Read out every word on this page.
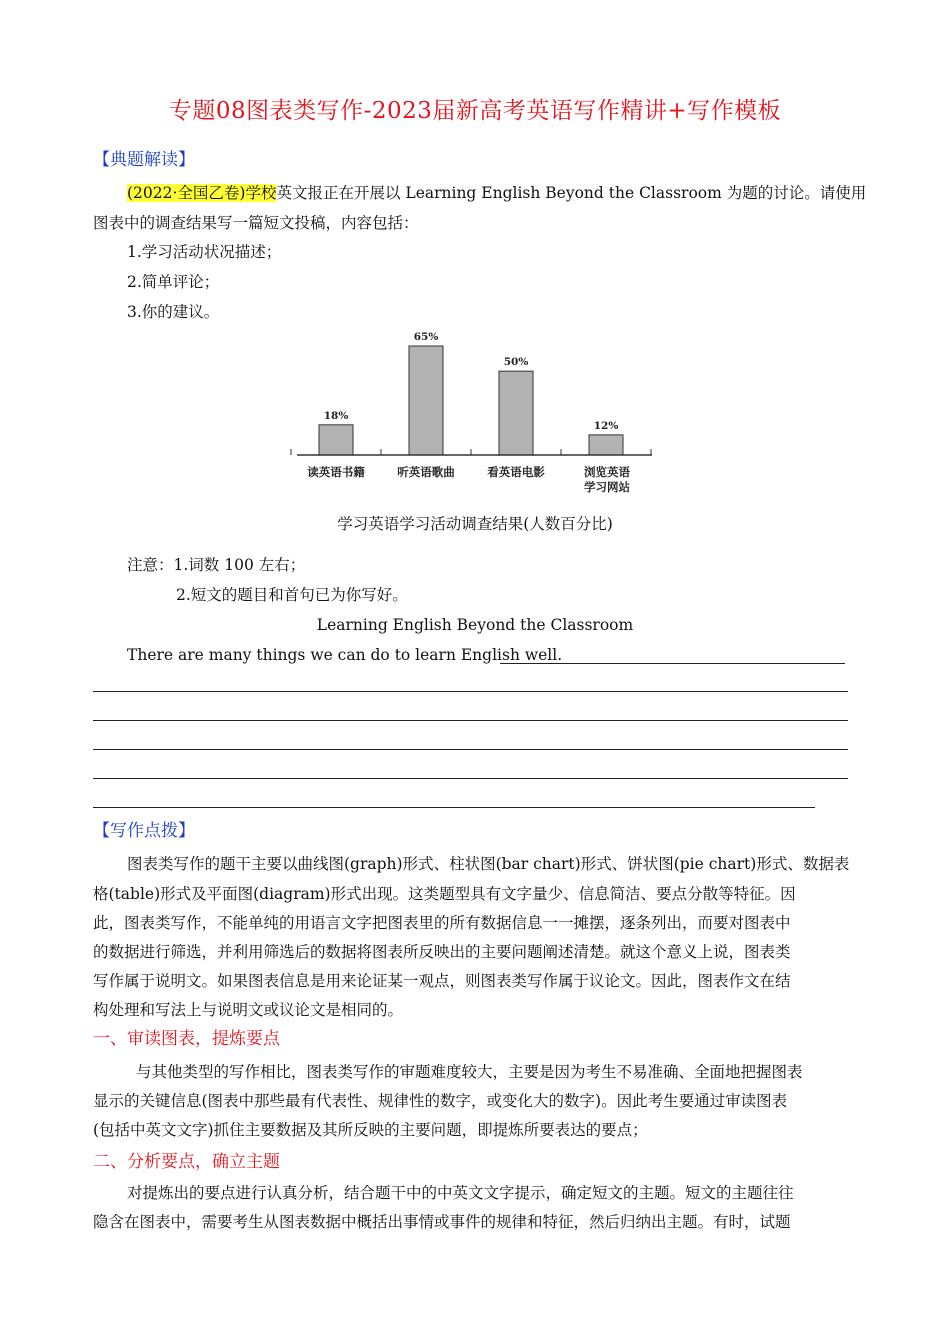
专题08图表类写作-2023届新高考英语写作精讲+写作模板
【典题解读】
(2022·全国乙卷)学校英文报正在开展以 Learning English Beyond the Classroom 为题的讨论。请使用
图表中的调查结果写一篇短文投稿，内容包括：
1.学习活动状况描述；
2.简单评论；
3.你的建议。
18%
读英语书籍
65%
听英语歌曲
50%
看英语电影
12%
浏览英语
学习网站
学习英语学习活动调查结果(人数百分比)
注意：1.词数 100 左右；
2.短文的题目和首句已为你写好。
Learning English Beyond the Classroom
There are many things we can do to learn English well.
【写作点拨】
图表类写作的题干主要以曲线图(graph)形式、柱状图(bar chart)形式、饼状图(pie chart)形式、数据表
格(table)形式及平面图(diagram)形式出现。这类题型具有文字量少、信息简洁、要点分散等特征。因
此，图表类写作，不能单纯的用语言文字把图表里的所有数据信息一一摊摆，逐条列出，而要对图表中
的数据进行筛选，并利用筛选后的数据将图表所反映出的主要问题阐述清楚。就这个意义上说，图表类
写作属于说明文。如果图表信息是用来论证某一观点，则图表类写作属于议论文。因此，图表作文在结
构处理和写法上与说明文或议论文是相同的。
一、审读图表，提炼要点
与其他类型的写作相比，图表类写作的审题难度较大，主要是因为考生不易准确、全面地把握图表
显示的关键信息(图表中那些最有代表性、规律性的数字，或变化大的数字)。因此考生要通过审读图表
(包括中英文文字)抓住主要数据及其所反映的主要问题，即提炼所要表达的要点；
二、分析要点，确立主题
对提炼出的要点进行认真分析，结合题干中的中英文文字提示，确定短文的主题。短文的主题往往
隐含在图表中，需要考生从图表数据中概括出事情或事件的规律和特征，然后归纳出主题。有时，试题
